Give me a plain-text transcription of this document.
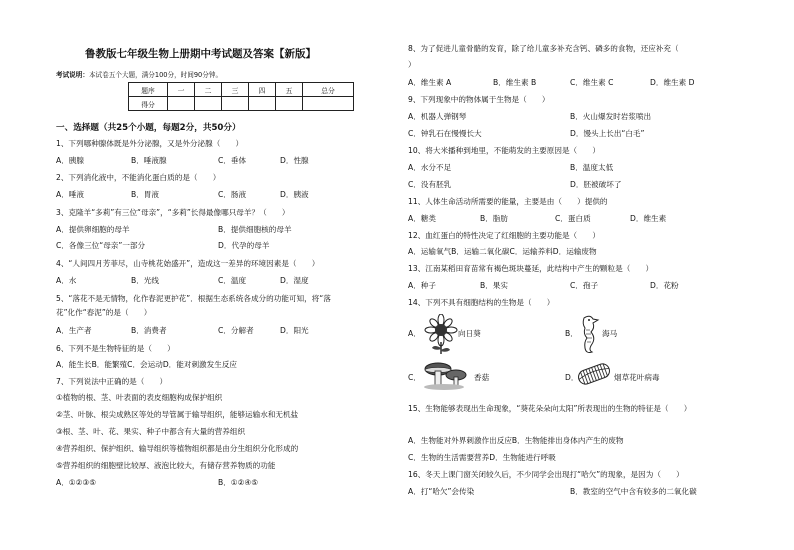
鲁教版七年级生物上册期中考试题及答案【新版】
考试说明：本试卷五个大题，满分100分，时间90分钟。
题序	一	二	三	四	五	总分
得分						
一、选择题（共25个小题，每题2分，共50分）
1、下列哪种腺体既是外分泌腺，又是外分泌腺（　　）
A．胰腺	B．唾液腺	C．垂体	D．性腺
2、下列消化液中，不能消化蛋白质的是（　　）
A．唾液	B．胃液	C．肠液	D．胰液
3、克隆羊“多莉”有三位“母亲”，“多莉”长得最像哪只母羊？（　　）
A．提供卵细胞的母羊	B．提供细胞核的母羊
C．各像三位“母亲”一部分	D．代孕的母羊
4、“人间四月芳菲尽，山寺桃花始盛开”，造成这一差异的环境因素是（　　）
A．水	B．光线	C．温度	D．湿度
5、“落花不是无情物，化作春泥更护花”．根据生态系统各成分的功能可知，将“落
花”化作“春泥”的是（　　）
A．生产者	B．消费者	C．分解者	D．阳光
6、下列不是生物特征的是（　　）
A．能生长B．能繁殖C．会运动D．能对刺激发生反应
7、下列说法中正确的是（　　）
①植物的根、茎、叶表面的表皮细胞构成保护组织
②茎、叶脉、根尖成熟区等处的导管属于输导组织，能够运输水和无机盐
③根、茎、叶、花、果实、种子中都含有大量的营养组织
④营养组织、保护组织、输导组织等植物组织都是由分生组织分化形成的
⑤营养组织的细胞壁比较厚、液泡比较大，有储存营养物质的功能
A．①②③⑤	B．①②④⑤
8、为了促进儿童骨骼的发育，除了给儿童多补充含钙、磷多的食物，还应补充（
）
A．维生素 A	B．维生素 B	C．维生素 C	D．维生素 D
9、下列现象中的物体属于生物是（　　）
A．机器人弹钢琴	B．火山爆发时岩浆喷出
C．钟乳石在慢慢长大	D．馒头上长出“白毛”
10、将大米播种到地里，不能萌发的主要原因是（　　）
A．水分不足	B．温度太低
C．没有胚乳	D．胚被破坏了
11、人体生命活动所需要的能量，主要是由（　　）提供的
A．糖类	B．脂肪	C．蛋白质	D．维生素
12、血红蛋白的特性决定了红细胞的主要功能是（　　）
A．运输氧气B．运输二氧化碳C．运输养料D．运输废物
13、江南某稻田育苗常有褐色斑块蔓延，此结构中产生的颗粒是（　　）
A．种子	B．果实	C．孢子	D．花粉
14、下列不具有细胞结构的生物是（　　）
A．	向日葵	B．	海马
C．	香菇	D．	烟草花叶病毒
15、生物能够表现出生命现象，“葵花朵朵向太阳”所表现出的生物的特征是（　　）
A．生物能对外界刺激作出反应B．生物能排出身体内产生的废物
C．生物的生活需要营养D．生物能进行呼吸
16、冬天上课门窗关闭较久后，不少同学会出现打“哈欠”的现象，是因为（　　）
A．打“哈欠”会传染	B．教室的空气中含有较多的二氧化碳
